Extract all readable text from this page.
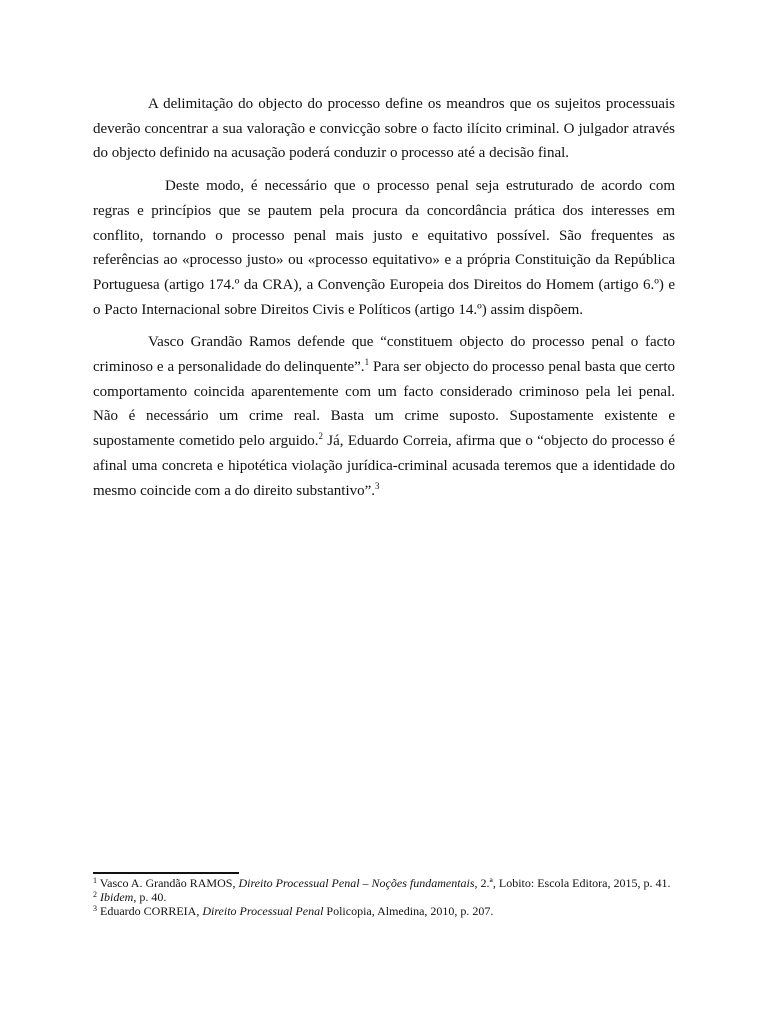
A delimitação do objecto do processo define os meandros que os sujeitos processuais deverão concentrar a sua valoração e convicção sobre o facto ilícito criminal. O julgador através do objecto definido na acusação poderá conduzir o processo até a decisão final.

Deste modo, é necessário que o processo penal seja estruturado de acordo com regras e princípios que se pautem pela procura da concordância prática dos interesses em conflito, tornando o processo penal mais justo e equitativo possível. São frequentes as referências ao «processo justo» ou «processo equitativo» e a própria Constituição da República Portuguesa (artigo 174.º da CRA), a Convenção Europeia dos Direitos do Homem (artigo 6.º) e o Pacto Internacional sobre Direitos Civis e Políticos (artigo 14.º) assim dispõem.

Vasco Grandão Ramos defende que “constituem objecto do processo penal o facto criminoso e a personalidade do delinquente”.$^1$ Para ser objecto do processo penal basta que certo comportamento coincida aparentemente com um facto considerado criminoso pela lei penal. Não é necessário um crime real. Basta um crime suposto. Supostamente existente e supostamente cometido pelo arguido.$^2$ Já, Eduardo Correia, afirma que o “objecto do processo é afinal uma concreta e hipotética violação jurídica-criminal acusada teremos que a identidade do mesmo coincide com a do direito substantivo”.$^3$

$^1$ Vasco A. Grandão RAMOS, Direito Processual Penal – Noções fundamentais, 2.ª, Lobito: Escola Editora, 2015, p. 41.

$^2$ Ibidem, p. 40.

$^3$ Eduardo CORREIA, Direito Processual Penal Policopia, Almedina, 2010, p. 207.
